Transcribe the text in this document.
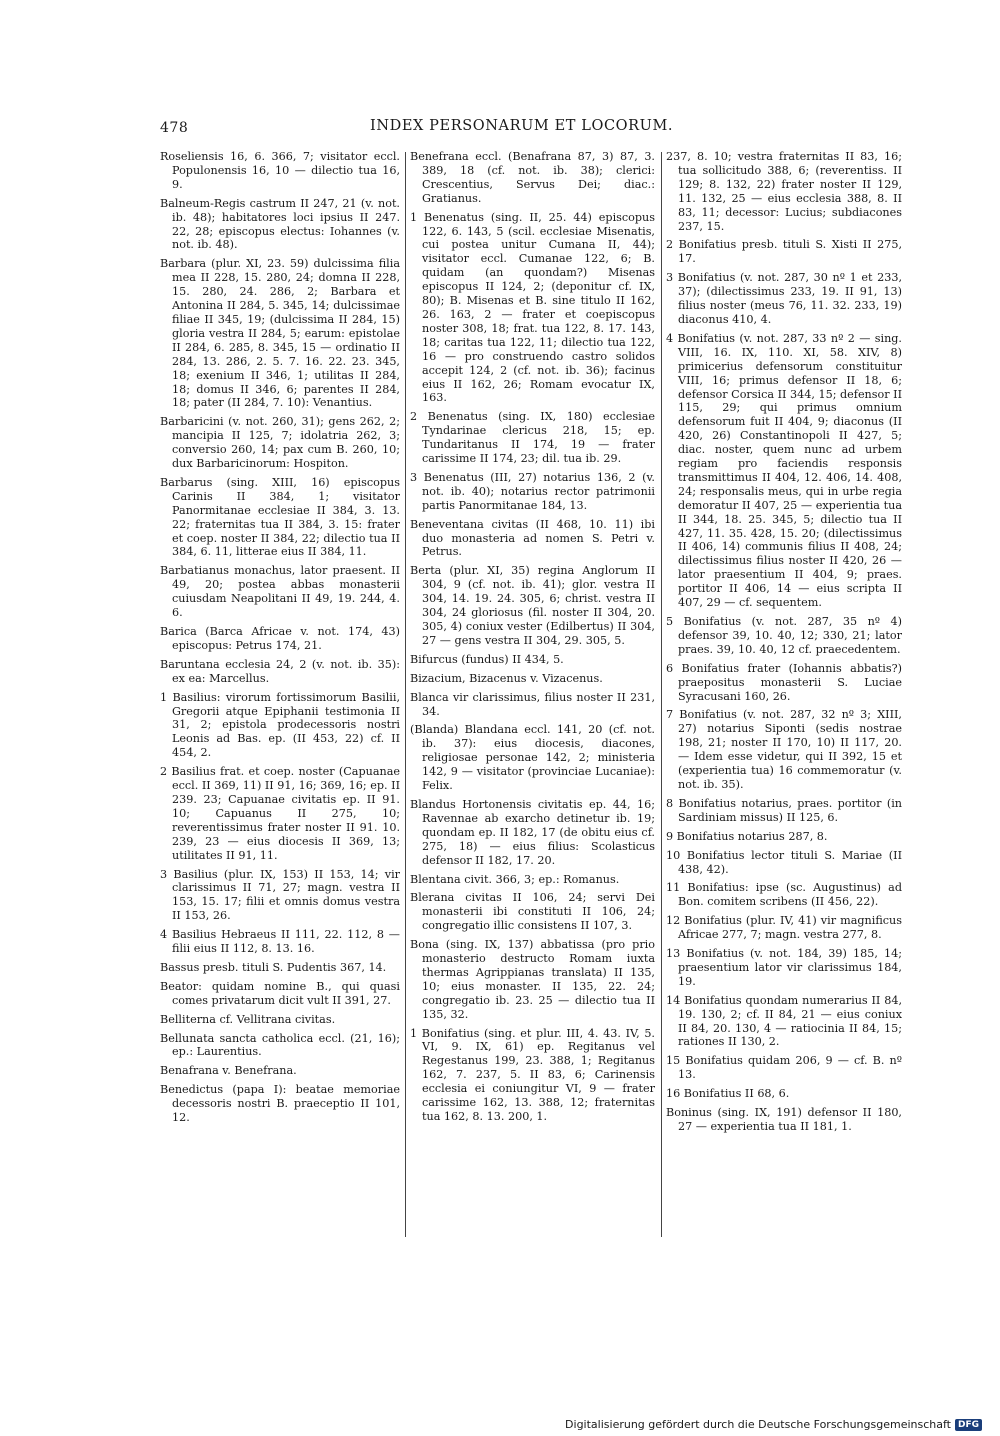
478	INDEX PERSONARUM ET LOCORUM.

Roseliensis 16, 6. 366, 7; visitator eccl. Populonensis 16, 10 — dilectio tua 16, 9.

Balneum-Regis castrum II 247, 21 (v. not. ib. 48); habitatores loci ipsius II 247. 22, 28; episcopus electus: Iohannes (v. not. ib. 48).

Barbara (plur. XI, 23. 59) dulcissima filia mea II 228, 15. 280, 24; domna II 228, 15. 280, 24. 286, 2; Barbara et Antonina II 284, 5. 345, 14; dulcissimae filiae II 345, 19; (dulcissima II 284, 15) gloria vestra II 284, 5; earum: epistolae II 284, 6. 285, 8. 345, 15 — ordinatio II 284, 13. 286, 2. 5. 7. 16. 22. 23. 345, 18; exenium II 346, 1; utilitas II 284, 18; domus II 346, 6; parentes II 284, 18; pater (II 284, 7. 10): Venantius.

Barbaricini (v. not. 260, 31); gens 262, 2; mancipia II 125, 7; idolatria 262, 3; conversio 260, 14; pax cum B. 260, 10; dux Barbaricinorum: Hospiton.

Barbarus (sing. XIII, 16) episcopus Carinis II 384, 1; visitator Panormitanae ecclesiae II 384, 3. 13. 22; fraternitas tua II 384, 3. 15: frater et coep. noster II 384, 22; dilectio tua II 384, 6. 11, litterae eius II 384, 11.

Barbatianus monachus, lator praesent. II 49, 20; postea abbas monasterii cuiusdam Neapolitani II 49, 19. 244, 4. 6.

Barica (Barca Africae v. not. 174, 43) episcopus: Petrus 174, 21.

Baruntana ecclesia 24, 2 (v. not. ib. 35): ex ea: Marcellus.

1 Basilius: virorum fortissimorum Basilii, Gregorii atque Epiphanii testimonia II 31, 2; epistola prodecessoris nostri Leonis ad Bas. ep. (II 453, 22) cf. II 454, 2.

2 Basilius frat. et coep. noster (Capuanae eccl. II 369, 11) II 91, 16; 369, 16; ep. II 239. 23; Capuanae civitatis ep. II 91. 10; Capuanus II 275, 10; reverentissimus frater noster II 91. 10. 239, 23 — eius diocesis II 369, 13; utilitates II 91, 11.

3 Basilius (plur. IX, 153) II 153, 14; vir clarissimus II 71, 27; magn. vestra II 153, 15. 17; filii et omnis domus vestra II 153, 26.

4 Basilius Hebraeus II 111, 22. 112, 8 — filii eius II 112, 8. 13. 16.

Bassus presb. tituli S. Pudentis 367, 14.

Beator: quidam nomine B., qui quasi comes privatarum dicit vult II 391, 27.

Belliterna cf. Vellitrana civitas.

Bellunata sancta catholica eccl. (21, 16); ep.: Laurentius.

Benafrana v. Benefrana.

Benedictus (papa I): beatae memoriae decessoris nostri B. praeceptio II 101, 12.

Benefrana eccl. (Benafrana 87, 3) 87, 3. 389, 18 (cf. not. ib. 38); clerici: Crescentius, Servus Dei; diac.: Gratianus.

1 Benenatus (sing. II, 25. 44) episcopus 122, 6. 143, 5 (scil. ecclesiae Misenatis, cui postea unitur Cumana II, 44); visitator eccl. Cumanae 122, 6; B. quidam (an quondam?) Misenas episcopus II 124, 2; (deponitur cf. IX, 80); B. Misenas et B. sine titulo II 162, 26. 163, 2 — frater et coepiscopus noster 308, 18; frat. tua 122, 8. 17. 143, 18; caritas tua 122, 11; dilectio tua 122, 16 — pro construendo castro solidos accepit 124, 2 (cf. not. ib. 36); facinus eius II 162, 26; Romam evocatur IX, 163.

2 Benenatus (sing. IX, 180) ecclesiae Tyndarinae clericus 218, 15; ep. Tundaritanus II 174, 19 — frater carissime II 174, 23; dil. tua ib. 29.

3 Benenatus (III, 27) notarius 136, 2 (v. not. ib. 40); notarius rector patrimonii partis Panormitanae 184, 13.

Beneventana civitas (II 468, 10. 11) ibi duo monasteria ad nomen S. Petri v. Petrus.

Berta (plur. XI, 35) regina Anglorum II 304, 9 (cf. not. ib. 41); glor. vestra II 304, 14. 19. 24. 305, 6; christ. vestra II 304, 24 gloriosus (fil. noster II 304, 20. 305, 4) coniux vester (Edilbertus) II 304, 27 — gens vestra II 304, 29. 305, 5.

Bifurcus (fundus) II 434, 5.

Bizacium, Bizacenus v. Vizacenus.

Blanca vir clarissimus, filius noster II 231, 34.

(Blanda) Blandana eccl. 141, 20 (cf. not. ib. 37): eius diocesis, diacones, religiosae personae 142, 2; ministeria 142, 9 — visitator (provinciae Lucaniae): Felix.

Blandus Hortonensis civitatis ep. 44, 16; Ravennae ab exarcho detinetur ib. 19; quondam ep. II 182, 17 (de obitu eius cf. 275, 18) — eius filius: Scolasticus defensor II 182, 17. 20.

Blentana civit. 366, 3; ep.: Romanus.

Blerana civitas II 106, 24; servi Dei monasterii ibi constituti II 106, 24; congregatio illic consistens II 107, 3.

Bona (sing. IX, 137) abbatissa (pro prio monasterio destructo Romam iuxta thermas Agrippianas translata) II 135, 10; eius monaster. II 135, 22. 24; congregatio ib. 23. 25 — dilectio tua II 135, 32.

1 Bonifatius (sing. et plur. III, 4. 43. IV, 5. VI, 9. IX, 61) ep. Regitanus vel Regestanus 199, 23. 388, 1; Regitanus 162, 7. 237, 5. II 83, 6; Carinensis ecclesia ei coniungitur VI, 9 — frater carissime 162, 13. 388, 12; fraternitas tua 162, 8. 13. 200, 1.

237, 8. 10; vestra fraternitas II 83, 16; tua sollicitudo 388, 6; (reverentiss. II 129; 8. 132, 22) frater noster II 129, 11. 132, 25 — eius ecclesia 388, 8. II 83, 11; decessor: Lucius; subdiacones 237, 15.

2 Bonifatius presb. tituli S. Xisti II 275, 17.

3 Bonifatius (v. not. 287, 30 nº 1 et 233, 37); (dilectissimus 233, 19. II 91, 13) filius noster (meus 76, 11. 32. 233, 19) diaconus 410, 4.

4 Bonifatius (v. not. 287, 33 nº 2 — sing. VIII, 16. IX, 110. XI, 58. XIV, 8) primicerius defensorum constituitur VIII, 16; primus defensor II 18, 6; defensor Corsica II 344, 15; defensor II 115, 29; qui primus omnium defensorum fuit II 404, 9; diaconus (II 420, 26) Constantinopoli II 427, 5; diac. noster, quem nunc ad urbem regiam pro faciendis responsis transmittimus II 404, 12. 406, 14. 408, 24; responsalis meus, qui in urbe regia demoratur II 407, 25 — experientia tua II 344, 18. 25. 345, 5; dilectio tua II 427, 11. 35. 428, 15. 20; (dilectissimus II 406, 14) communis filius II 408, 24; dilectissimus filius noster II 420, 26 — lator praesentium II 404, 9; praes. portitor II 406, 14 — eius scripta II 407, 29 — cf. sequentem.

5 Bonifatius (v. not. 287, 35 nº 4) defensor 39, 10. 40, 12; 330, 21; lator praes. 39, 10. 40, 12 cf. praecedentem.

6 Bonifatius frater (Iohannis abbatis?) praepositus monasterii S. Luciae Syracusani 160, 26.

7 Bonifatius (v. not. 287, 32 nº 3; XIII, 27) notarius Siponti (sedis nostrae 198, 21; noster II 170, 10) II 117, 20. — Idem esse videtur, qui II 392, 15 et (experientia tua) 16 commemoratur (v. not. ib. 35).

8 Bonifatius notarius, praes. portitor (in Sardiniam missus) II 125, 6.

9 Bonifatius notarius 287, 8.

10 Bonifatius lector tituli S. Mariae (II 438, 42).

11 Bonifatius: ipse (sc. Augustinus) ad Bon. comitem scribens (II 456, 22).

12 Bonifatius (plur. IV, 41) vir magnificus Africae 277, 7; magn. vestra 277, 8.

13 Bonifatius (v. not. 184, 39) 185, 14; praesentium lator vir clarissimus 184, 19.

14 Bonifatius quondam numerarius II 84, 19. 130, 2; cf. II 84, 21 — eius coniux II 84, 20. 130, 4 — ratiocinia II 84, 15; rationes II 130, 2.

15 Bonifatius quidam 206, 9 — cf. B. nº 13.

16 Bonifatius II 68, 6.

Boninus (sing. IX, 191) defensor II 180, 27 — experientia tua II 181, 1.

Digitalisierung gefördert durch die Deutsche Forschungsgemeinschaft DFG
